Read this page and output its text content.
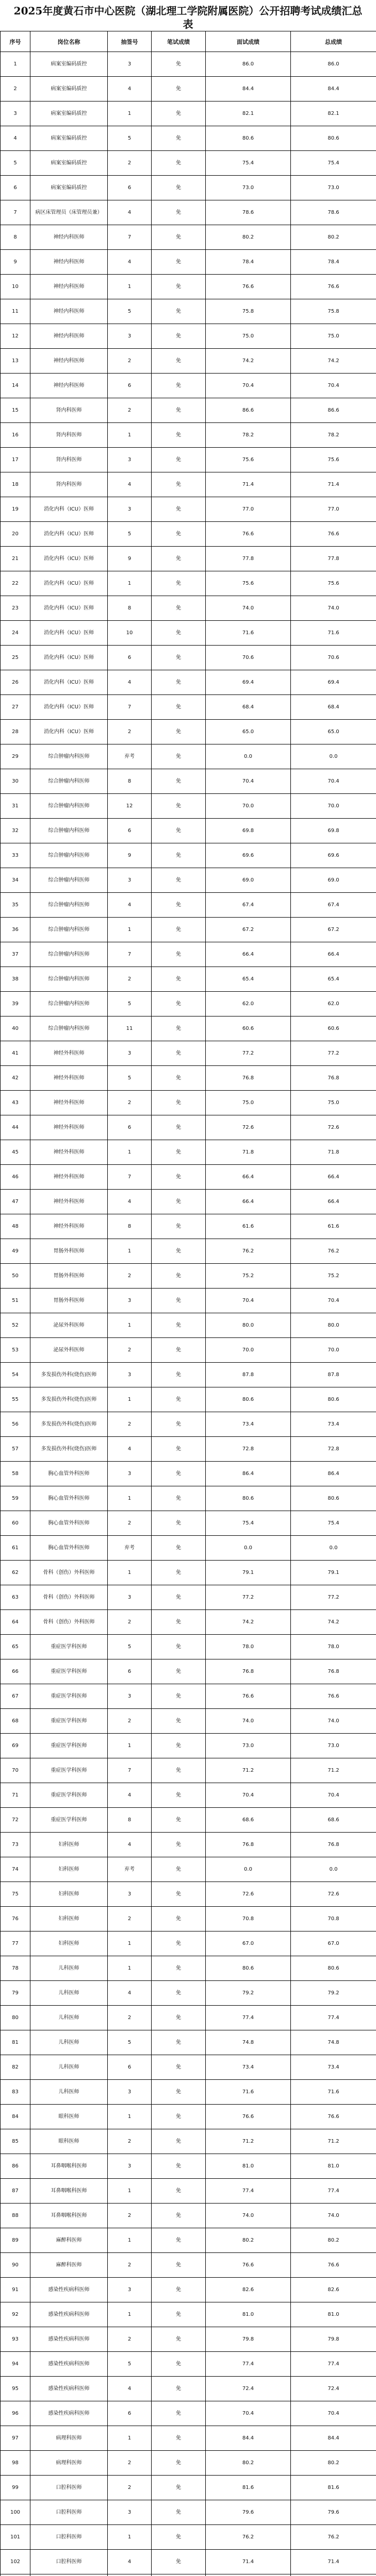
2025年度黄石市中心医院（湖北理工学院附属医院）公开招聘考试成绩汇总表
序号	岗位名称	抽签号	笔试成绩	面试成绩	总成绩
1	病案室编码质控	3	免	86.0	86.0
2	病案室编码质控	4	免	84.4	84.4
3	病案室编码质控	1	免	82.1	82.1
4	病案室编码质控	5	免	80.6	80.6
5	病案室编码质控	2	免	75.4	75.4
6	病案室编码质控	6	免	73.0	73.0
7	病区床管理员（床管理员兼）	4	免	78.6	78.6
8	神经内科医师	7	免	80.2	80.2
9	神经内科医师	4	免	78.4	78.4
10	神经内科医师	1	免	76.6	76.6
11	神经内科医师	5	免	75.8	75.8
12	神经内科医师	3	免	75.0	75.0
13	神经内科医师	2	免	74.2	74.2
14	神经内科医师	6	免	70.4	70.4
15	肾内科医师	2	免	86.6	86.6
16	肾内科医师	1	免	78.2	78.2
17	肾内科医师	3	免	75.6	75.6
18	肾内科医师	4	免	71.4	71.4
19	消化内科（ICU）医师	3	免	77.0	77.0
20	消化内科（ICU）医师	5	免	76.6	76.6
21	消化内科（ICU）医师	9	免	77.8	77.8
22	消化内科（ICU）医师	1	免	75.6	75.6
23	消化内科（ICU）医师	8	免	74.0	74.0
24	消化内科（ICU）医师	10	免	71.6	71.6
25	消化内科（ICU）医师	6	免	70.6	70.6
26	消化内科（ICU）医师	4	免	69.4	69.4
27	消化内科（ICU）医师	7	免	68.4	68.4
28	消化内科（ICU）医师	2	免	65.0	65.0
29	综合肿瘤内科医师	弃考	免	0.0	0.0
30	综合肿瘤内科医师	8	免	70.4	70.4
31	综合肿瘤内科医师	12	免	70.0	70.0
32	综合肿瘤内科医师	6	免	69.8	69.8
33	综合肿瘤内科医师	9	免	69.6	69.6
34	综合肿瘤内科医师	3	免	69.0	69.0
35	综合肿瘤内科医师	4	免	67.4	67.4
36	综合肿瘤内科医师	1	免	67.2	67.2
37	综合肿瘤内科医师	7	免	66.4	66.4
38	综合肿瘤内科医师	2	免	65.4	65.4
39	综合肿瘤内科医师	5	免	62.0	62.0
40	综合肿瘤内科医师	11	免	60.6	60.6
41	神经外科医师	3	免	77.2	77.2
42	神经外科医师	5	免	76.8	76.8
43	神经外科医师	2	免	75.0	75.0
44	神经外科医师	6	免	72.6	72.6
45	神经外科医师	1	免	71.8	71.8
46	神经外科医师	7	免	66.4	66.4
47	神经外科医师	4	免	66.4	66.4
48	神经外科医师	8	免	61.6	61.6
49	胃肠外科医师	1	免	76.2	76.2
50	胃肠外科医师	2	免	75.2	75.2
51	胃肠外科医师	3	免	70.4	70.4
52	泌尿外科医师	1	免	80.0	80.0
53	泌尿外科医师	2	免	70.0	70.0
54	多发损伤外科(烧伤)医师	3	免	87.8	87.8
55	多发损伤外科(烧伤)医师	1	免	80.6	80.6
56	多发损伤外科(烧伤)医师	2	免	73.4	73.4
57	多发损伤外科(烧伤)医师	4	免	72.8	72.8
58	胸心血管外科医师	3	免	86.4	86.4
59	胸心血管外科医师	1	免	80.6	80.6
60	胸心血管外科医师	2	免	75.4	75.4
61	胸心血管外科医师	弃考	免	0.0	0.0
62	骨科（创伤）外科医师	1	免	79.1	79.1
63	骨科（创伤）外科医师	3	免	77.2	77.2
64	骨科（创伤）外科医师	2	免	74.2	74.2
65	重症医学科医师	5	免	78.0	78.0
66	重症医学科医师	6	免	76.8	76.8
67	重症医学科医师	3	免	76.6	76.6
68	重症医学科医师	2	免	74.0	74.0
69	重症医学科医师	1	免	73.0	73.0
70	重症医学科医师	7	免	71.2	71.2
71	重症医学科医师	4	免	70.4	70.4
72	重症医学科医师	8	免	68.6	68.6
73	妇科医师	4	免	76.8	76.8
74	妇科医师	弃考	免	0.0	0.0
75	妇科医师	3	免	72.6	72.6
76	妇科医师	2	免	70.8	70.8
77	妇科医师	1	免	67.0	67.0
78	儿科医师	1	免	80.6	80.6
79	儿科医师	4	免	79.2	79.2
80	儿科医师	2	免	77.4	77.4
81	儿科医师	5	免	74.8	74.8
82	儿科医师	6	免	73.4	73.4
83	儿科医师	3	免	71.6	71.6
84	眼科医师	1	免	76.6	76.6
85	眼科医师	2	免	71.2	71.2
86	耳鼻咽喉科医师	3	免	81.0	81.0
87	耳鼻咽喉科医师	1	免	77.4	77.4
88	耳鼻咽喉科医师	2	免	74.0	74.0
89	麻醉科医师	1	免	80.2	80.2
90	麻醉科医师	2	免	76.6	76.6
91	感染性疾病科医师	3	免	82.6	82.6
92	感染性疾病科医师	1	免	81.0	81.0
93	感染性疾病科医师	2	免	79.8	79.8
94	感染性疾病科医师	5	免	77.4	77.4
95	感染性疾病科医师	4	免	72.4	72.4
96	感染性疾病科医师	6	免	70.4	70.4
97	病理科医师	1	免	84.4	84.4
98	病理科医师	2	免	80.2	80.2
99	口腔科医师	2	免	81.6	81.6
100	口腔科医师	3	免	79.6	79.6
101	口腔科医师	1	免	76.2	76.2
102	口腔科医师	4	免	71.4	71.4
